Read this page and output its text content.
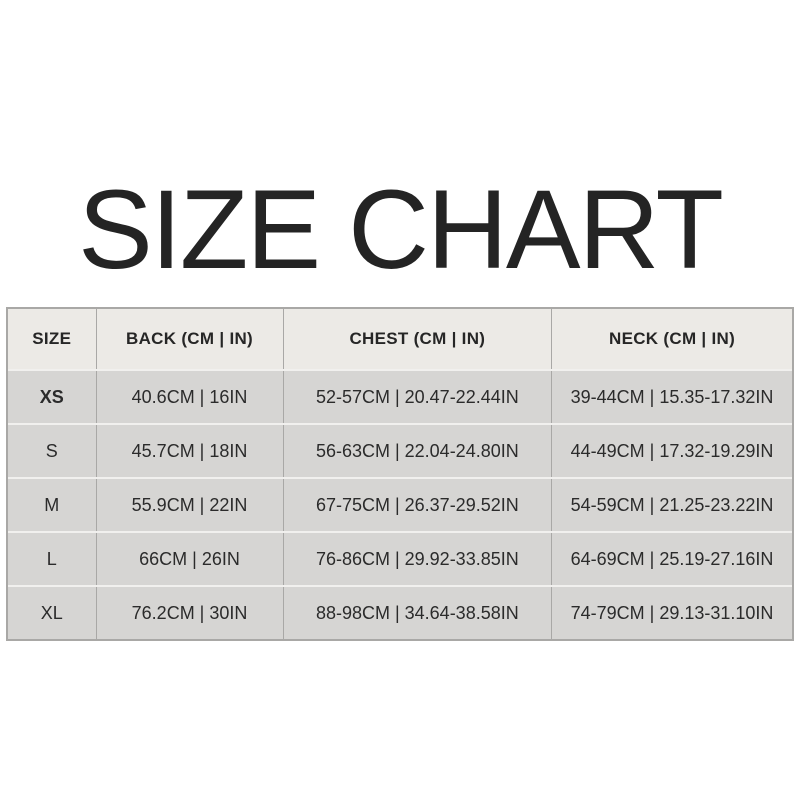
SIZE CHART
SIZE	BACK (CM | IN)	CHEST (CM | IN)	NECK (CM | IN)
XS	40.6CM | 16IN	52-57CM | 20.47-22.44IN	39-44CM | 15.35-17.32IN
S	45.7CM | 18IN	56-63CM | 22.04-24.80IN	44-49CM | 17.32-19.29IN
M	55.9CM | 22IN	67-75CM | 26.37-29.52IN	54-59CM | 21.25-23.22IN
L	66CM | 26IN	76-86CM | 29.92-33.85IN	64-69CM | 25.19-27.16IN
XL	76.2CM | 30IN	88-98CM | 34.64-38.58IN	74-79CM | 29.13-31.10IN
